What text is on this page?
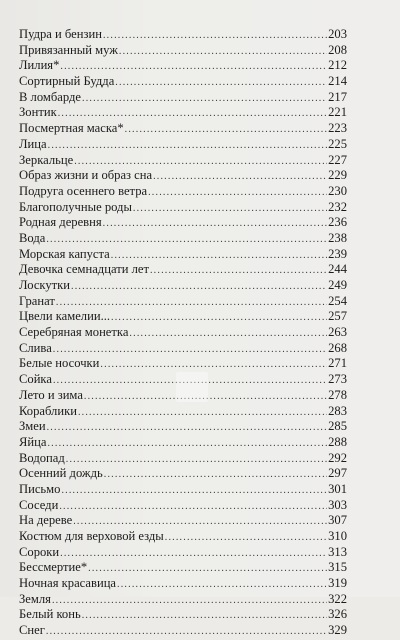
Пудра и бензин .....	203
Привязанный муж .....	208
Лилия* .....	212
Сортирный Будда .....	214
В ломбарде .....	217
Зонтик .....	221
Посмертная маска* .....	223
Лица .....	225
Зеркальце .....	227
Образ жизни и образ сна .....	229
Подруга осеннего ветра .....	230
Благополучные роды .....	232
Родная деревня .....	236
Вода .....	238
Морская капуста .....	239
Девочка семнадцати лет .....	244
Лоскутки .....	249
Гранат .....	254
Цвели камелии... .....	257
Серебряная монетка .....	263
Слива .....	268
Белые носочки .....	271
Сойка .....	273
Лето и зима .....	278
Кораблики .....	283
Змеи .....	285
Яйца .....	288
Водопад .....	292
Осенний дождь .....	297
Письмо .....	301
Соседи .....	303
На дереве .....	307
Костюм для верховой езды .....	310
Сороки .....	313
Бессмертие* .....	315
Ночная красавица .....	319
Земля .....	322
Белый конь .....	326
Снег .....	329
